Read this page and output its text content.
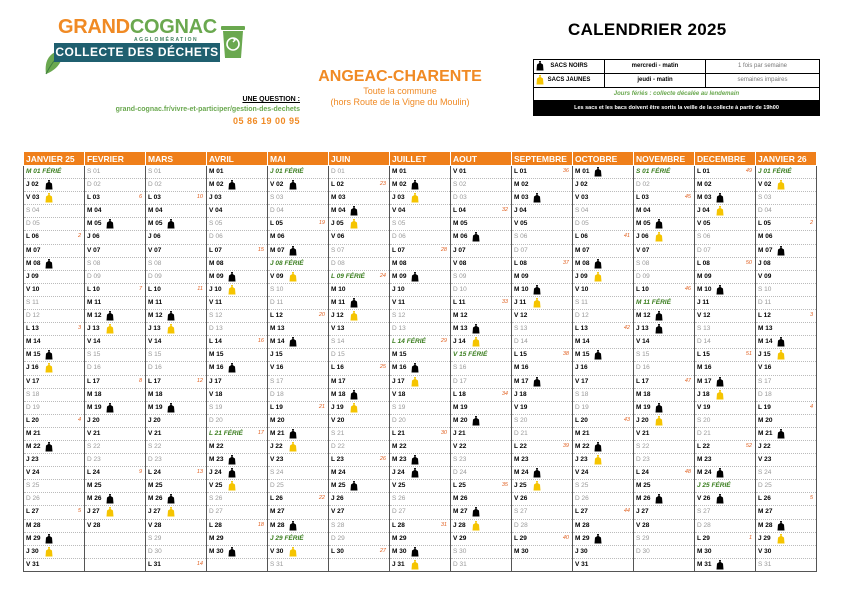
GRANDCOGNAC
AGGLOMÉRATION
COLLECTE DES DÉCHETS
UNE QUESTION :
grand-cognac.fr/vivre-et-participer/gestion-des-dechets
05 86 19 00 95
ANGEAC-CHARENTE
Toute la commune
(hors Route de la Vigne du Moulin)
CALENDRIER 2025
SACS NOIRS	mercredi - matin	1 fois par semaine
SACS JAUNES	jeudi - matin	semaines impaires
Jours fériés : collecte décalée au lendemain
Les sacs et les bacs doivent être sortis la veille de la collecte à partir de 19h00
JANVIER 25	FEVRIER	MARS	AVRIL	MAI	JUIN	JUILLET	AOUT	SEPTEMBRE	OCTOBRE	NOVEMBRE	DECEMBRE	JANVIER 26

M 01 FÉRIÉ	S 01	S 01	M 01	J 01 FÉRIÉ	D 01	M 01	V 01	L 01 36	M 01	S 01 FÉRIÉ	L 01 49	J 01 FÉRIÉ

J 02	D 02	D 02	M 02	V 02	L 02 23	M 02	S 02	M 02	J 02	D 02	M 02	V 02

V 03	L 03 6	L 03 10	J 03	S 03	M 03	J 03	D 03	M 03	V 03	L 03 45	M 03	S 03

S 04	M 04	M 04	V 04	D 04	M 04	V 04	L 04 32	J 04	S 04	M 04	J 04	D 04

D 05	M 05	M 05	S 05	L 05 19	J 05	S 05	M 05	V 05	D 05	M 05	V 05	L 05 2

L 06 2	J 06	J 06	D 06	M 06	V 06	D 06	M 06	S 06	L 06 41	J 06	S 06	M 06

M 07	V 07	V 07	L 07 15	M 07	S 07	L 07 28	J 07	D 07	M 07	V 07	D 07	M 07

M 08	S 08	S 08	M 08	J 08 FÉRIÉ	D 08	M 08	V 08	L 08 37	M 08	S 08	L 08 50	J 08

J 09	D 09	D 09	M 09	V 09	L 09 FÉRIÉ 24	M 09	S 09	M 09	J 09	D 09	M 09	V 09

V 10	L 10 7	L 10 11	J 10	S 10	M 10	J 10	D 10	M 10	V 10	L 10 46	M 10	S 10

S 11	M 11	M 11	V 11	D 11	M 11	V 11	L 11 33	J 11	S 11	M 11 FÉRIÉ	J 11	D 11

D 12	M 12	M 12	S 12	L 12 20	J 12	S 12	M 12	V 12	D 12	M 12	V 12	L 12 3

L 13 3	J 13	J 13	D 13	M 13	V 13	D 13	M 13	S 13	L 13 42	J 13	S 13	M 13

M 14	V 14	V 14	L 14 16	M 14	S 14	L 14 FÉRIÉ 29	J 14	D 14	M 14	V 14	D 14	M 14

M 15	S 15	S 15	M 15	J 15	D 15	M 15	V 15 FÉRIÉ	L 15 38	M 15	S 15	L 15 51	J 15

J 16	D 16	D 16	M 16	V 16	L 16 25	M 16	S 16	M 16	J 16	D 16	M 16	V 16

V 17	L 17 8	L 17 12	J 17	S 17	M 17	J 17	D 17	M 17	V 17	L 17 47	M 17	S 17

S 18	M 18	M 18	V 18	D 18	M 18	V 18	L 18 34	J 18	S 18	M 18	J 18	D 18

D 19	M 19	M 19	S 19	L 19 21	J 19	S 19	M 19	V 19	D 19	M 19	V 19	L 19 4

L 20 4	J 20	J 20	D 20	M 20	V 20	D 20	M 20	S 20	L 20 43	J 20	S 20	M 20

M 21	V 21	V 21	L 21 FÉRIÉ 17	M 21	S 21	L 21 30	J 21	D 21	M 21	V 21	D 21	M 21

M 22	S 22	S 22	M 22	J 22	D 22	M 22	V 22	L 22 39	M 22	S 22	L 22 52	J 22

J 23	D 23	D 23	M 23	V 23	L 23 26	M 23	S 23	M 23	J 23	D 23	M 23	V 23

V 24	L 24 9	L 24 13	J 24	S 24	M 24	J 24	D 24	M 24	V 24	L 24 48	M 24	S 24

S 25	M 25	M 25	V 25	D 25	M 25	V 25	L 25 35	J 25	S 25	M 25	J 25 FÉRIÉ	D 25

D 26	M 26	M 26	S 26	L 26 22	J 26	S 26	M 26	V 26	D 26	M 26	V 26	L 26 5

L 27 5	J 27	J 27	D 27	M 27	V 27	D 27	M 27	S 27	L 27 44	J 27	S 27	M 27

M 28	V 28	V 28	L 28 18	M 28	S 28	L 28 31	J 28	D 28	M 28	V 28	D 28	M 28

M 29		S 29	M 29	J 29 FÉRIÉ	D 29	M 29	V 29	L 29 40	M 29	S 29	L 29 1	J 29

J 30		D 30	M 30	V 30	L 30 27	M 30	S 30	M 30	J 30	D 30	M 30	V 30

V 31		L 31 14		S 31		J 31	D 31		V 31		M 31	S 31
